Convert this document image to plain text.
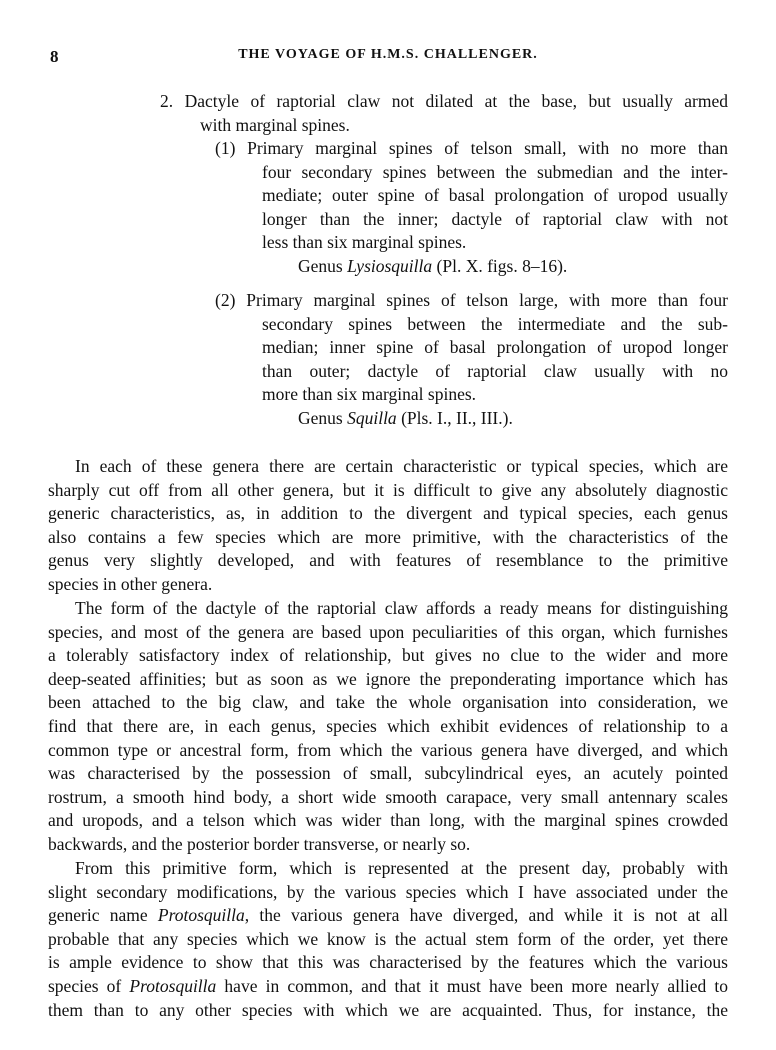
8	THE VOYAGE OF H.M.S. CHALLENGER.
2. Dactyle of raptorial claw not dilated at the base, but usually armed
with marginal spines.
(1) Primary marginal spines of telson small, with no more than
four secondary spines between the submedian and the inter-
mediate; outer spine of basal prolongation of uropod usually
longer than the inner; dactyle of raptorial claw with not
less than six marginal spines.
Genus Lysiosquilla (Pl. X. figs. 8–16).
(2) Primary marginal spines of telson large, with more than four
secondary spines between the intermediate and the sub-
median; inner spine of basal prolongation of uropod longer
than outer; dactyle of raptorial claw usually with no
more than six marginal spines.
Genus Squilla (Pls. I., II., III.).
In each of these genera there are certain characteristic or typical species, which are
sharply cut off from all other genera, but it is difficult to give any absolutely diagnostic
generic characteristics, as, in addition to the divergent and typical species, each genus
also contains a few species which are more primitive, with the characteristics of the
genus very slightly developed, and with features of resemblance to the primitive
species in other genera.
The form of the dactyle of the raptorial claw affords a ready means for distinguishing
species, and most of the genera are based upon peculiarities of this organ, which furnishes
a tolerably satisfactory index of relationship, but gives no clue to the wider and more
deep-seated affinities; but as soon as we ignore the preponderating importance which has
been attached to the big claw, and take the whole organisation into consideration, we
find that there are, in each genus, species which exhibit evidences of relationship to a
common type or ancestral form, from which the various genera have diverged, and which
was characterised by the possession of small, subcylindrical eyes, an acutely pointed
rostrum, a smooth hind body, a short wide smooth carapace, very small antennary scales
and uropods, and a telson which was wider than long, with the marginal spines crowded
backwards, and the posterior border transverse, or nearly so.
From this primitive form, which is represented at the present day, probably with
slight secondary modifications, by the various species which I have associated under the
generic name Protosquilla, the various genera have diverged, and while it is not at all
probable that any species which we know is the actual stem form of the order, yet there
is ample evidence to show that this was characterised by the features which the various
species of Protosquilla have in common, and that it must have been more nearly allied to
them than to any other species with which we are acquainted. Thus, for instance, the
